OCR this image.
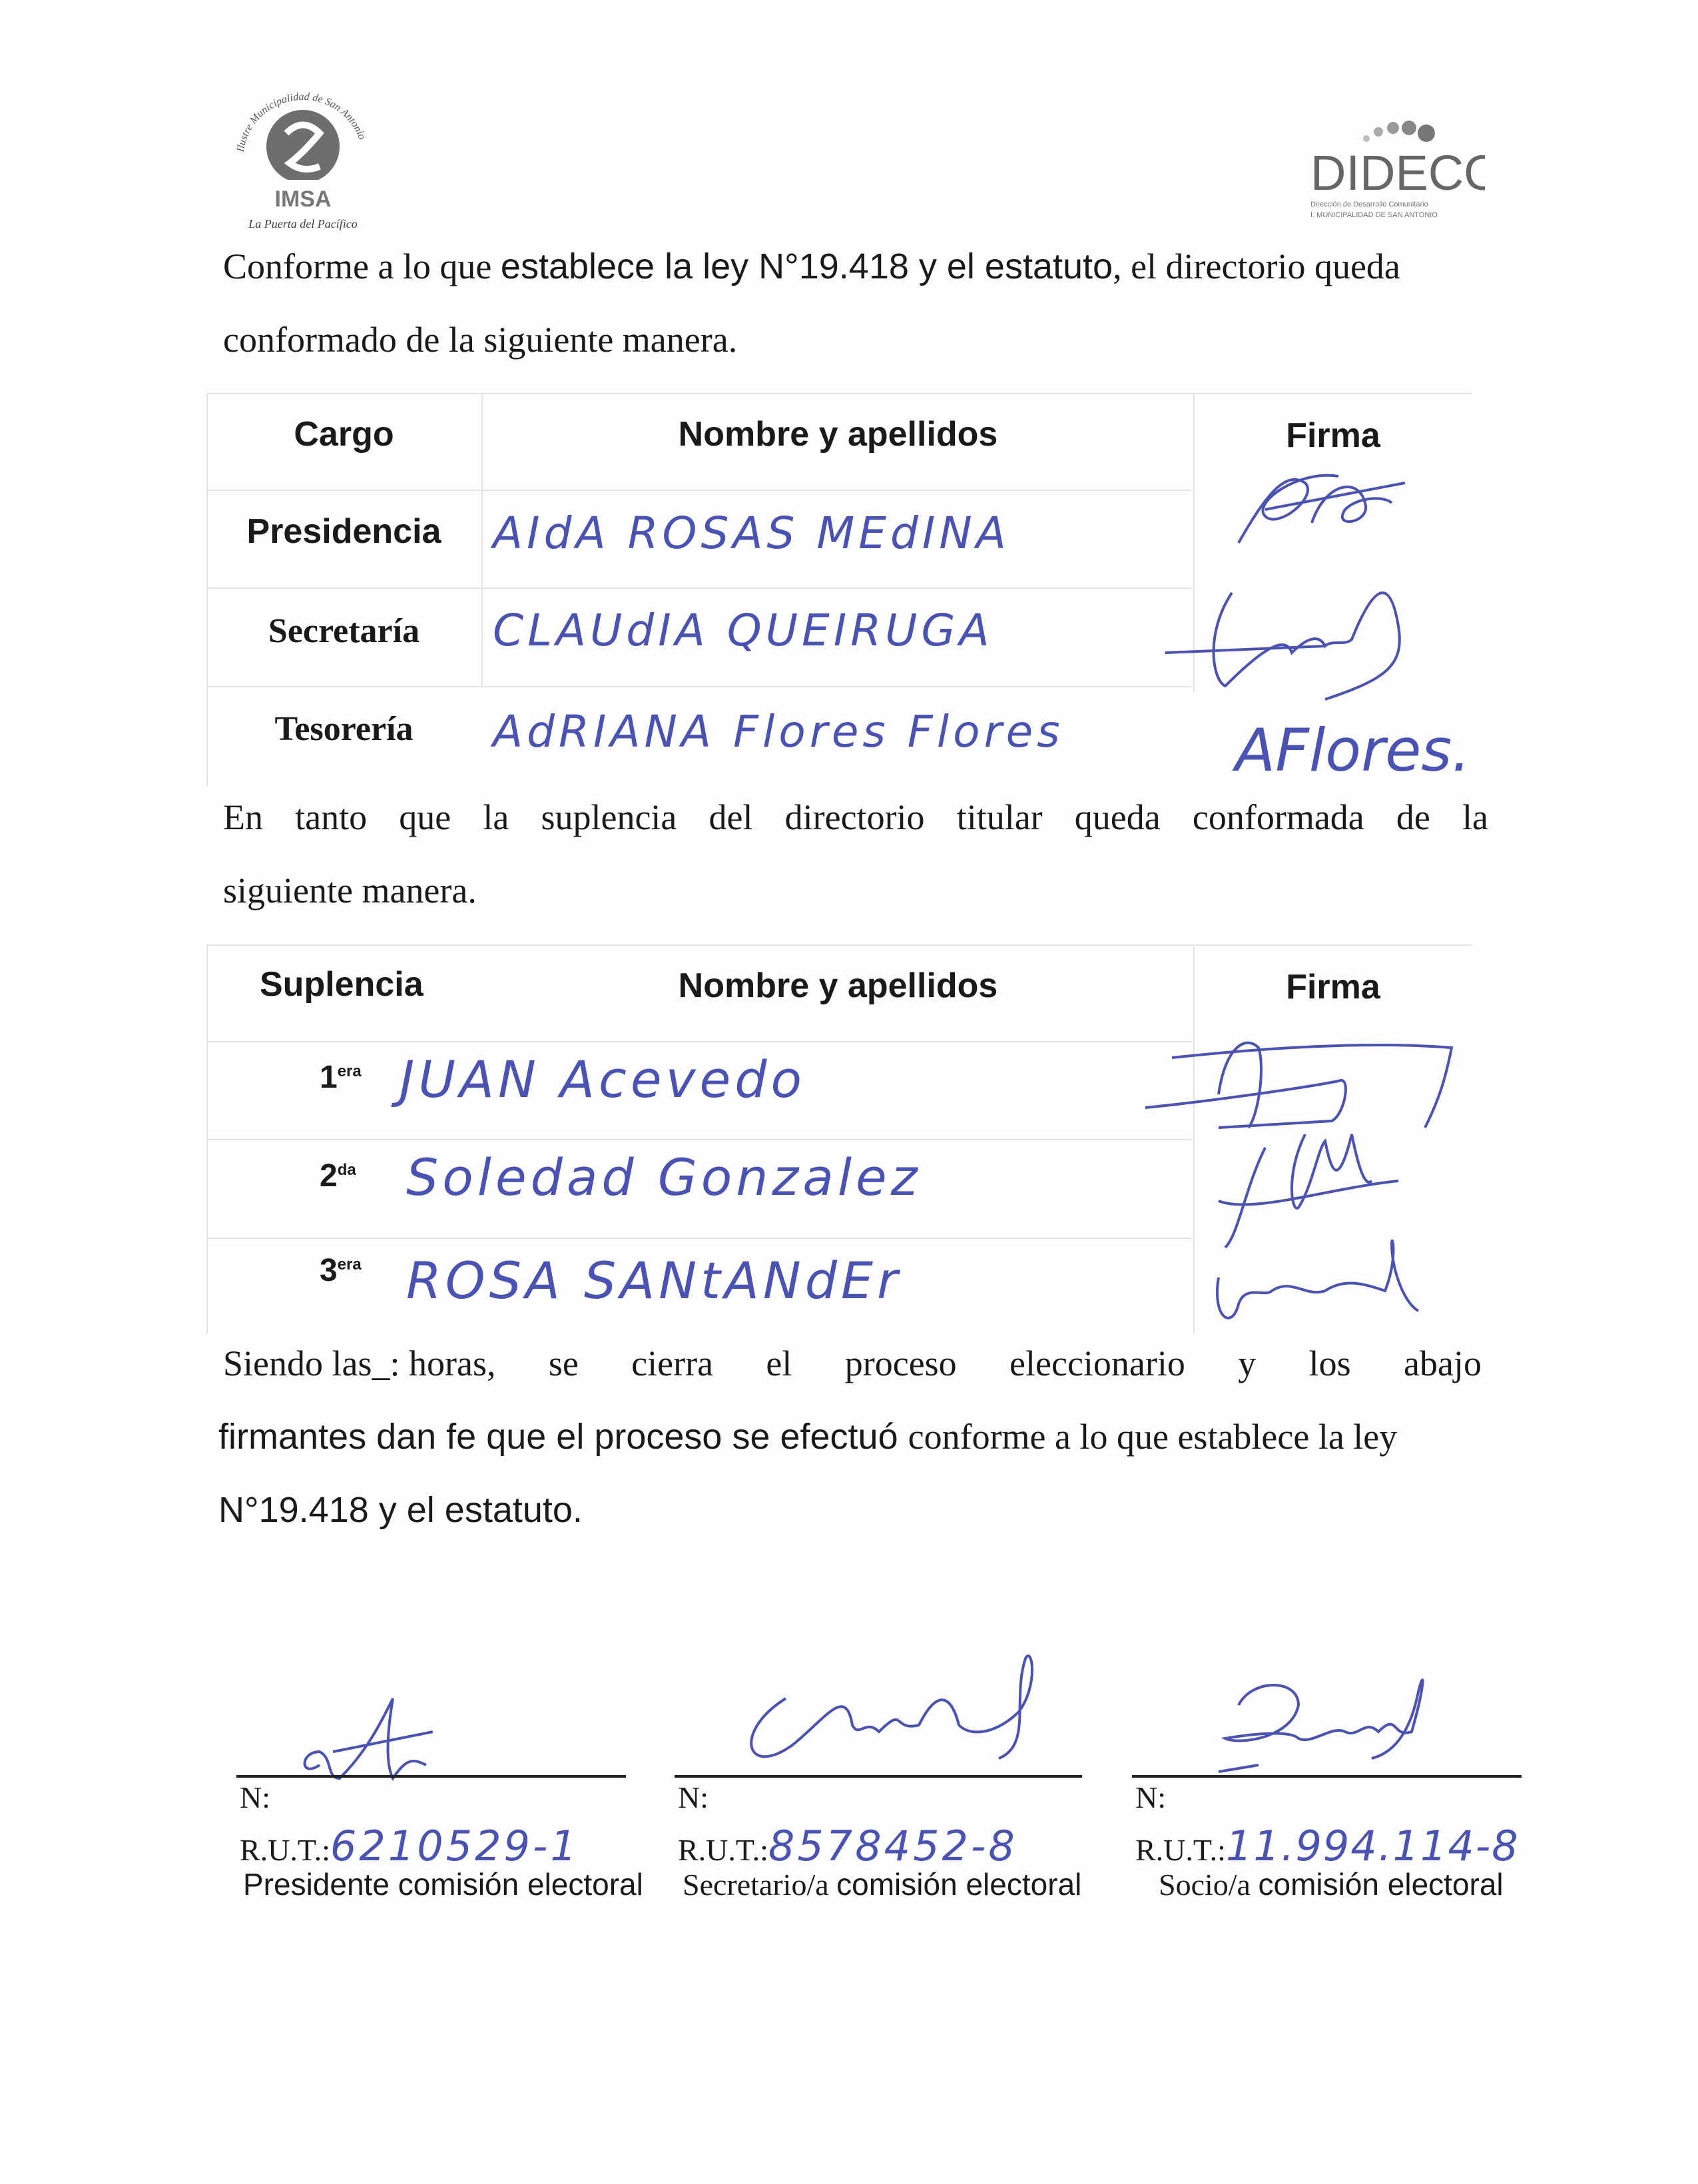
Ilustre Municipalidad de San Antonio
IMSA
La Puerta del Pacífico
DIDECO
Dirección de Desarrollo Comunitario
I. MUNICIPALIDAD DE SAN ANTONIO
Conforme a lo que establece la ley N°19.418 y el estatuto, el directorio queda
conformado de la siguiente manera.
Cargo	Nombre y apellidos	Firma
Presidencia	AIdA ROSAS MEdINA
Secretaría	CLAUdIA QUEIRUGA
Tesorería	AdRIANA Flores Flores	AFlores.
En tanto que la suplencia del directorio titular queda conformada de la
siguiente manera.
Suplencia	Nombre y apellidos	Firma
$1^{era}$ JUAN Acevedo
$2^{da}$ Soledad Gonzalez
$3^{era}$ ROSA SANtANdEr
Siendo las_: horas, se cierra el proceso eleccionario y los abajo
firmantes dan fe que el proceso se efectuó conforme a lo que establece la ley
N°19.418 y el estatuto.
N:
R.U.T.:6210529-1
Presidente comisión electoral
N:
R.U.T.:8578452-8
Secretario/a comisión electoral
N:
R.U.T.:11.994.114-8
Socio/a comisión electoral
